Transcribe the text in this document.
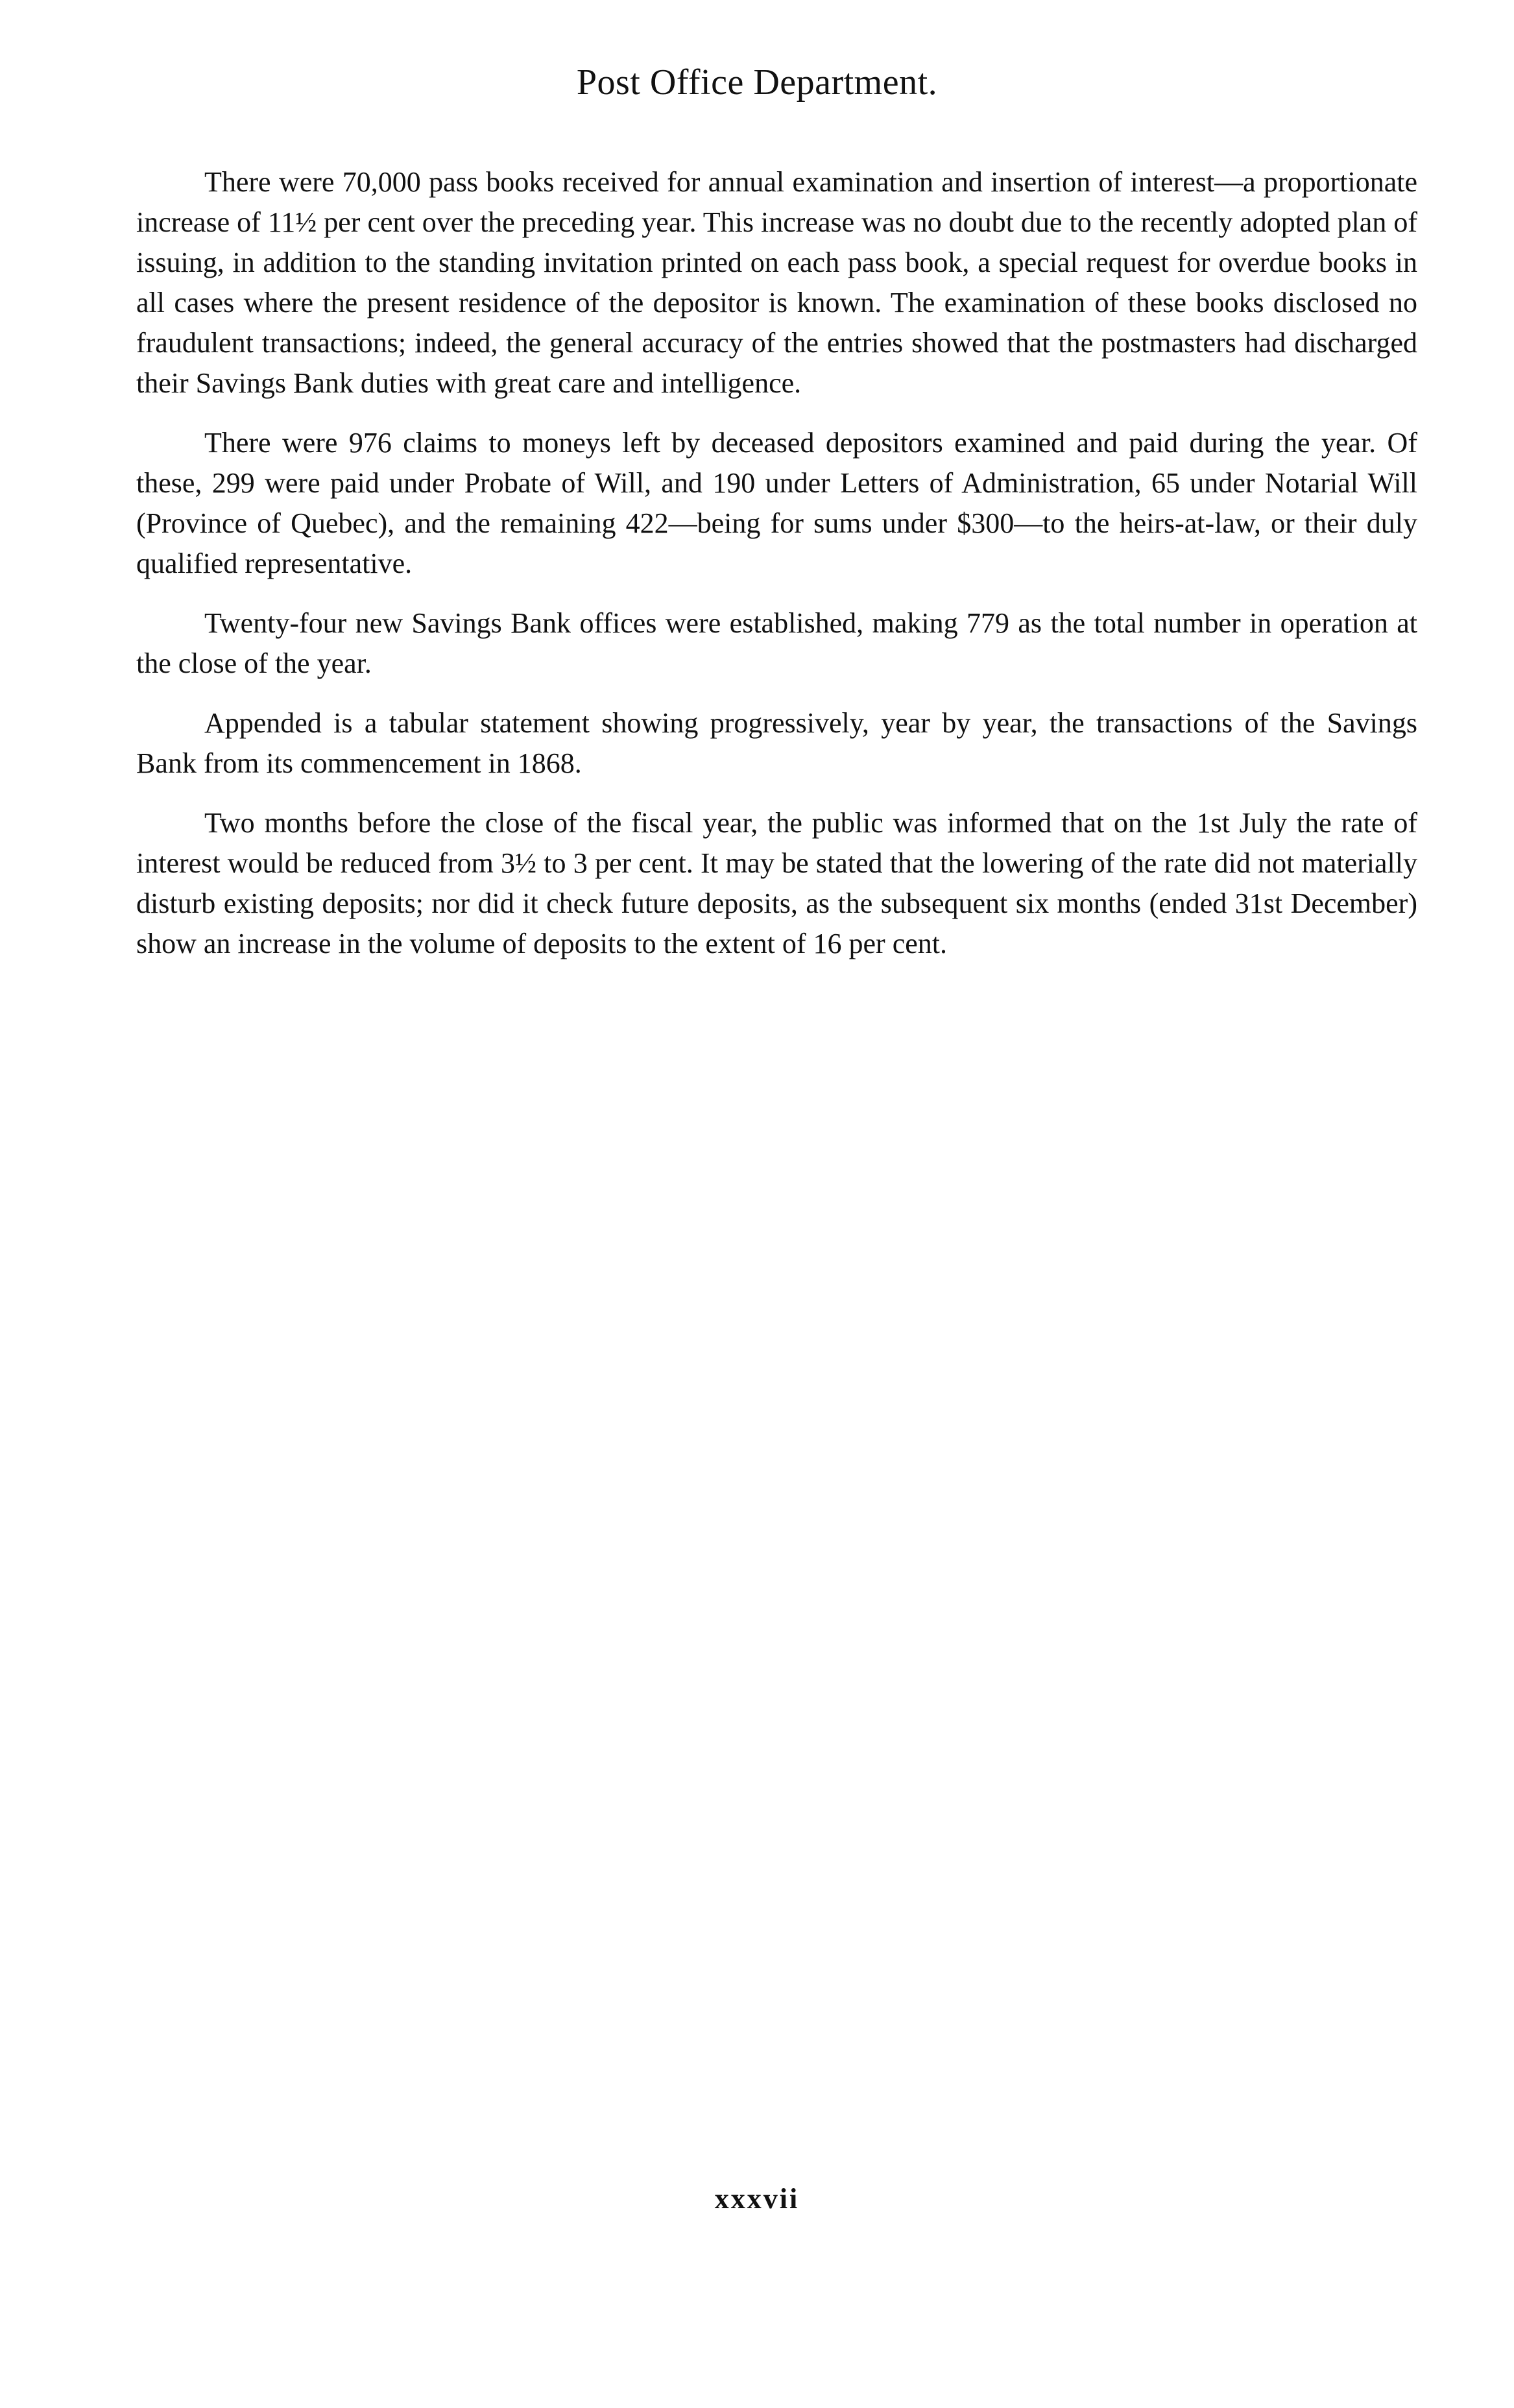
Post Office Department.

There were 70,000 pass books received for annual examination and insertion of interest—a proportionate increase of 11½ per cent over the preceding year. This increase was no doubt due to the recently adopted plan of issuing, in addition to the standing invitation printed on each pass book, a special request for overdue books in all cases where the present residence of the depositor is known. The examination of these books disclosed no fraudulent transactions; indeed, the general accuracy of the entries showed that the postmasters had discharged their Savings Bank duties with great care and intelligence.

There were 976 claims to moneys left by deceased depositors examined and paid during the year. Of these, 299 were paid under Probate of Will, and 190 under Letters of Administration, 65 under Notarial Will (Province of Quebec), and the remaining 422—being for sums under $300—to the heirs-at-law, or their duly qualified representative.

Twenty-four new Savings Bank offices were established, making 779 as the total number in operation at the close of the year.

Appended is a tabular statement showing progressively, year by year, the transactions of the Savings Bank from its commencement in 1868.

Two months before the close of the fiscal year, the public was informed that on the 1st July the rate of interest would be reduced from 3½ to 3 per cent. It may be stated that the lowering of the rate did not materially disturb existing deposits; nor did it check future deposits, as the subsequent six months (ended 31st December) show an increase in the volume of deposits to the extent of 16 per cent.

xxxvii
